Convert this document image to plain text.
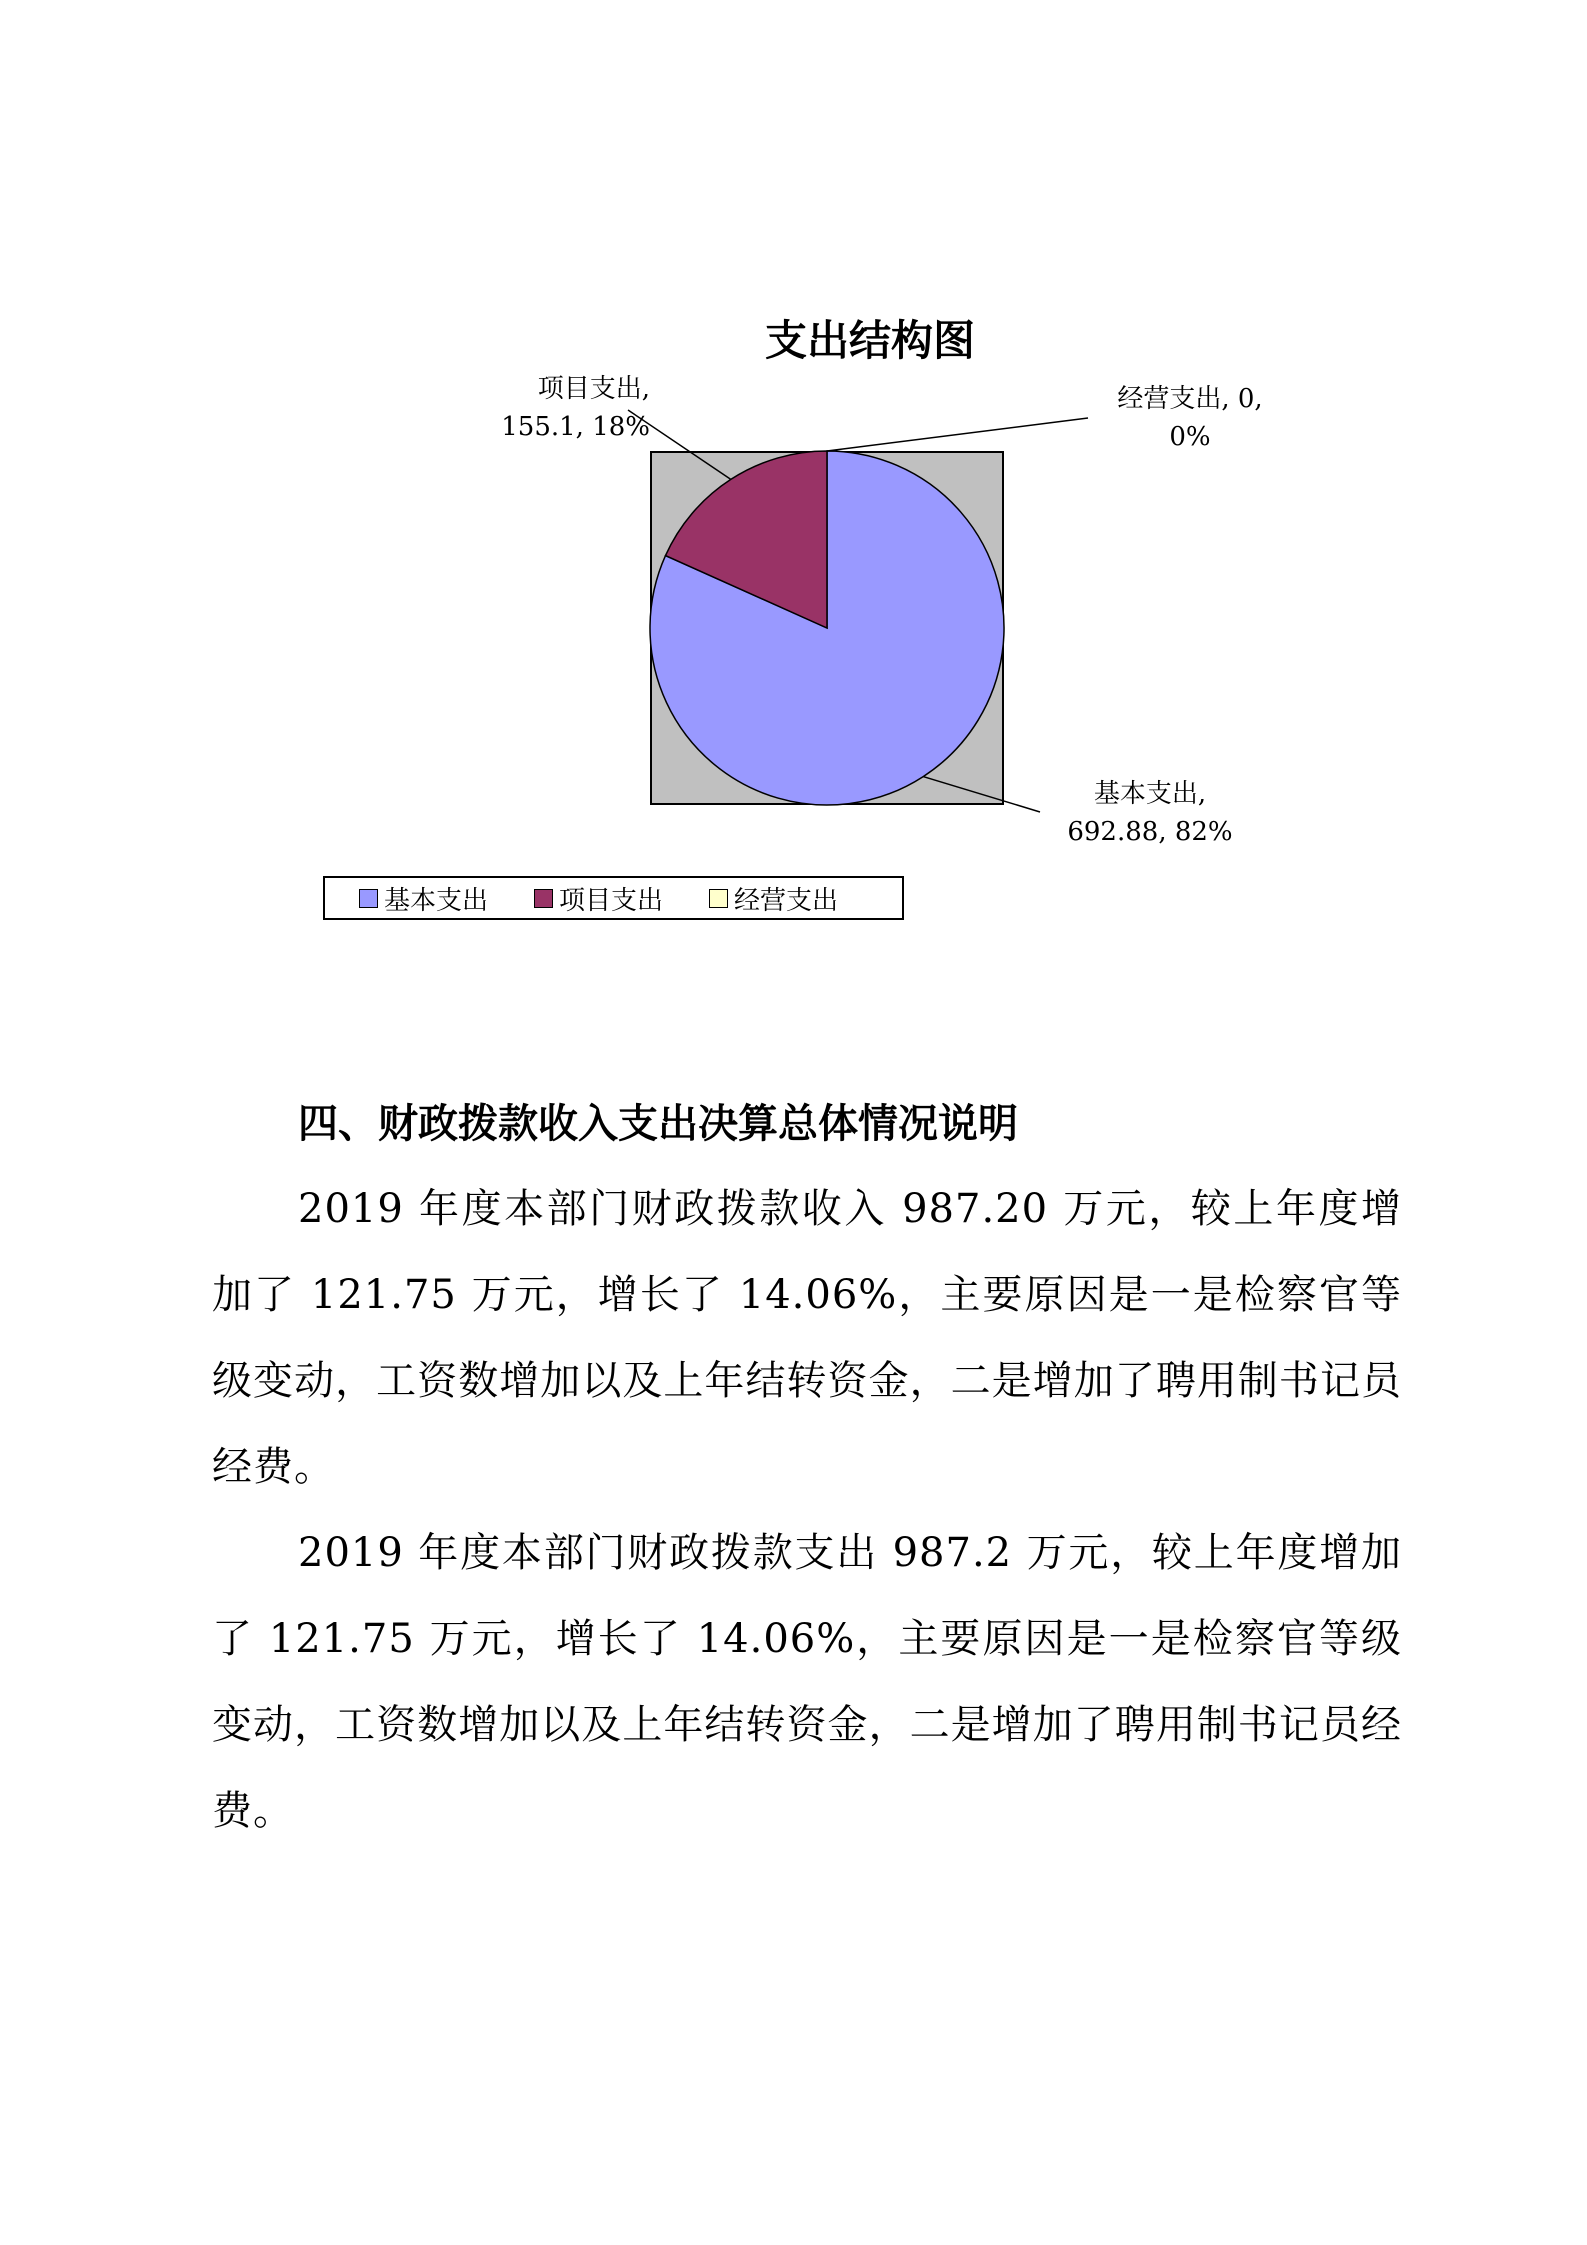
支出结构图
项目支出,
155.1, 18%
经营支出, 0,
0%
基本支出,
692.88, 82%
基本支出	项目支出	经营支出
四、财政拨款收入支出决算总体情况说明

2019 年度本部门财政拨款收入 987.20 万元，较上年度增加了 121.75 万元，增长了 14.06%，主要原因是一是检察官等级变动，工资数增加以及上年结转资金，二是增加了聘用制书记员经费。

2019 年度本部门财政拨款支出 987.2 万元，较上年度增加了 121.75 万元，增长了 14.06%，主要原因是一是检察官等级变动，工资数增加以及上年结转资金，二是增加了聘用制书记员经费。
